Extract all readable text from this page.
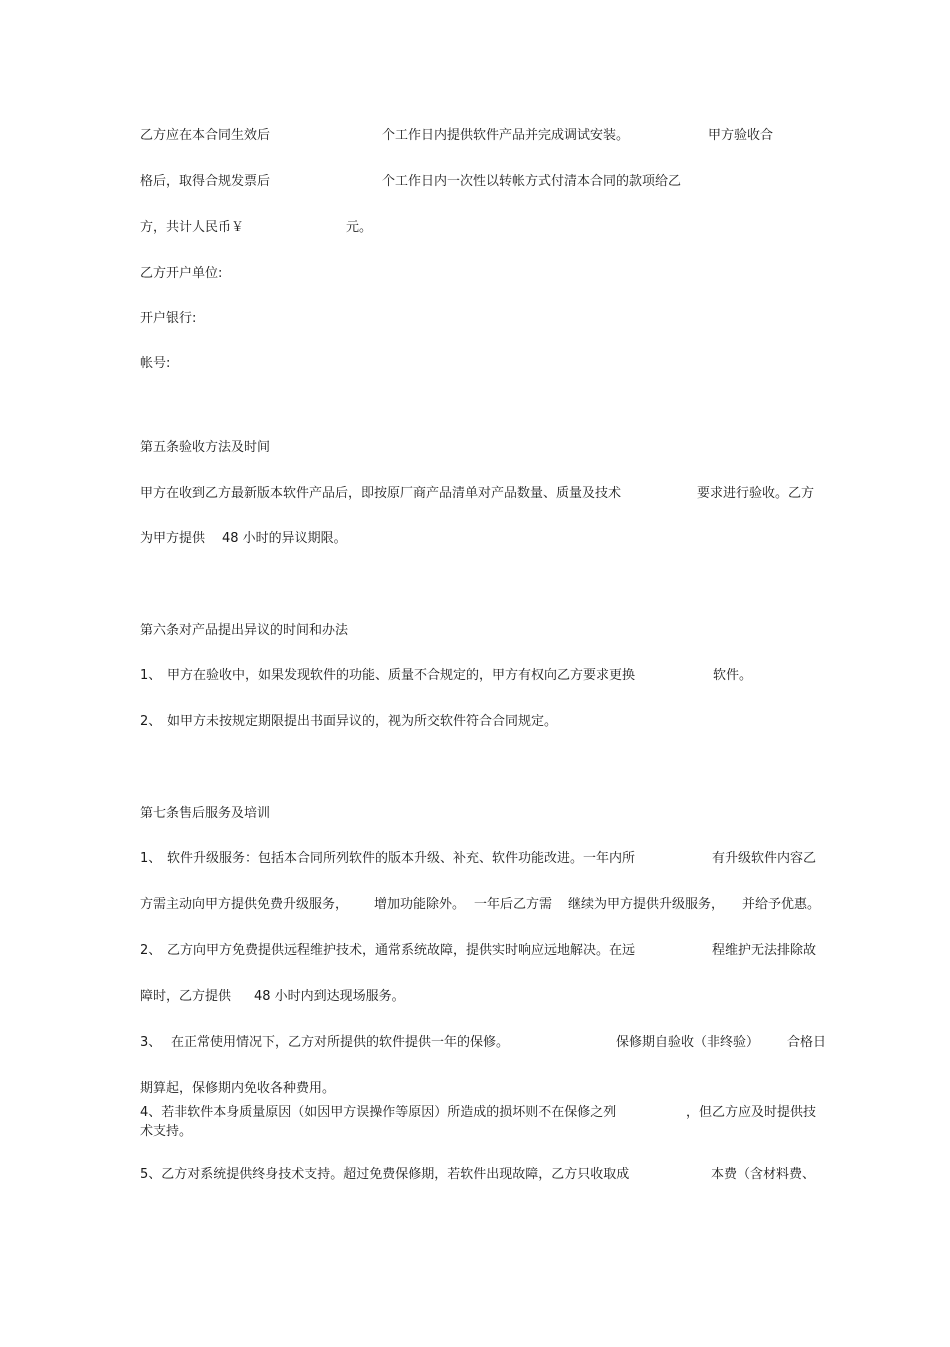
乙方应在本合同生效后	个工作日内提供软件产品并完成调试安装。	甲方验收合
格后，取得合规发票后	个工作日内一次性以转帐方式付清本合同的款项给乙
方，共计人民币￥	元。
乙方开户单位:
开户银行:
帐号:
第五条验收方法及时间
甲方在收到乙方最新版本软件产品后，即按原厂商产品清单对产品数量、质量及技术	要求进行验收。乙方
为甲方提供 48 小时的异议期限。
第六条对产品提出异议的时间和办法
1、 甲方在验收中，如果发现软件的功能、质量不合规定的，甲方有权向乙方要求更换	软件。
2、 如甲方未按规定期限提出书面异议的，视为所交软件符合合同规定。
第七条售后服务及培训
1、 软件升级服务：包括本合同所列软件的版本升级、补充、软件功能改进。一年内所	有升级软件内容乙
方需主动向甲方提供免费升级服务， 增加功能除外。 一年后乙方需 继续为甲方提供升级服务， 并给予优惠。
2、 乙方向甲方免费提供远程维护技术，通常系统故障，提供实时响应远地解决。在远	程维护无法排除故
障时，乙方提供 48 小时内到达现场服务。
3、 在正常使用情况下，乙方对所提供的软件提供一年的保修。	保修期自验收（非终验） 合格日
期算起，保修期内免收各种费用。
4、若非软件本身质量原因（如因甲方误操作等原因）所造成的损坏则不在保修之列	，但乙方应及时提供技
术支持。
5、乙方对系统提供终身技术支持。超过免费保修期，若软件出现故障，乙方只收取成	本费（含材料费、
